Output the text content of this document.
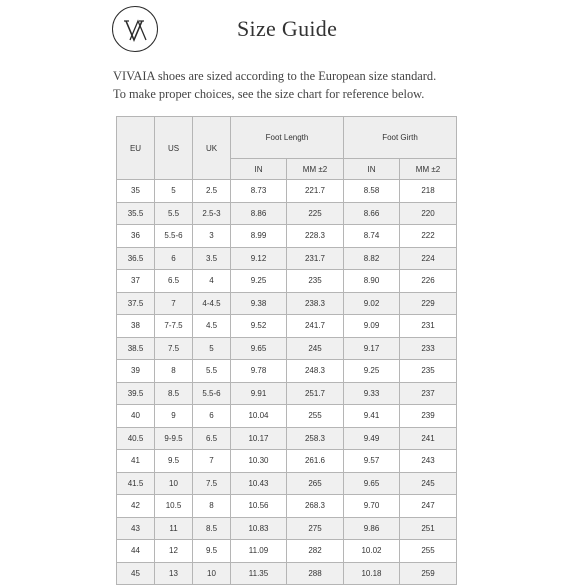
Size Guide
VIVAIA shoes are sized according to the European size standard.
To make proper choices, see the size chart for reference below.
EU	US	UK	Foot Length		Foot Girth	
			IN	MM ±2	IN	MM ±2
35	5	2.5	8.73	221.7	8.58	218
35.5	5.5	2.5-3	8.86	225	8.66	220
36	5.5-6	3	8.99	228.3	8.74	222
36.5	6	3.5	9.12	231.7	8.82	224
37	6.5	4	9.25	235	8.90	226
37.5	7	4-4.5	9.38	238.3	9.02	229
38	7-7.5	4.5	9.52	241.7	9.09	231
38.5	7.5	5	9.65	245	9.17	233
39	8	5.5	9.78	248.3	9.25	235
39.5	8.5	5.5-6	9.91	251.7	9.33	237
40	9	6	10.04	255	9.41	239
40.5	9-9.5	6.5	10.17	258.3	9.49	241
41	9.5	7	10.30	261.6	9.57	243
41.5	10	7.5	10.43	265	9.65	245
42	10.5	8	10.56	268.3	9.70	247
43	11	8.5	10.83	275	9.86	251
44	12	9.5	11.09	282	10.02	255
45	13	10	11.35	288	10.18	259
